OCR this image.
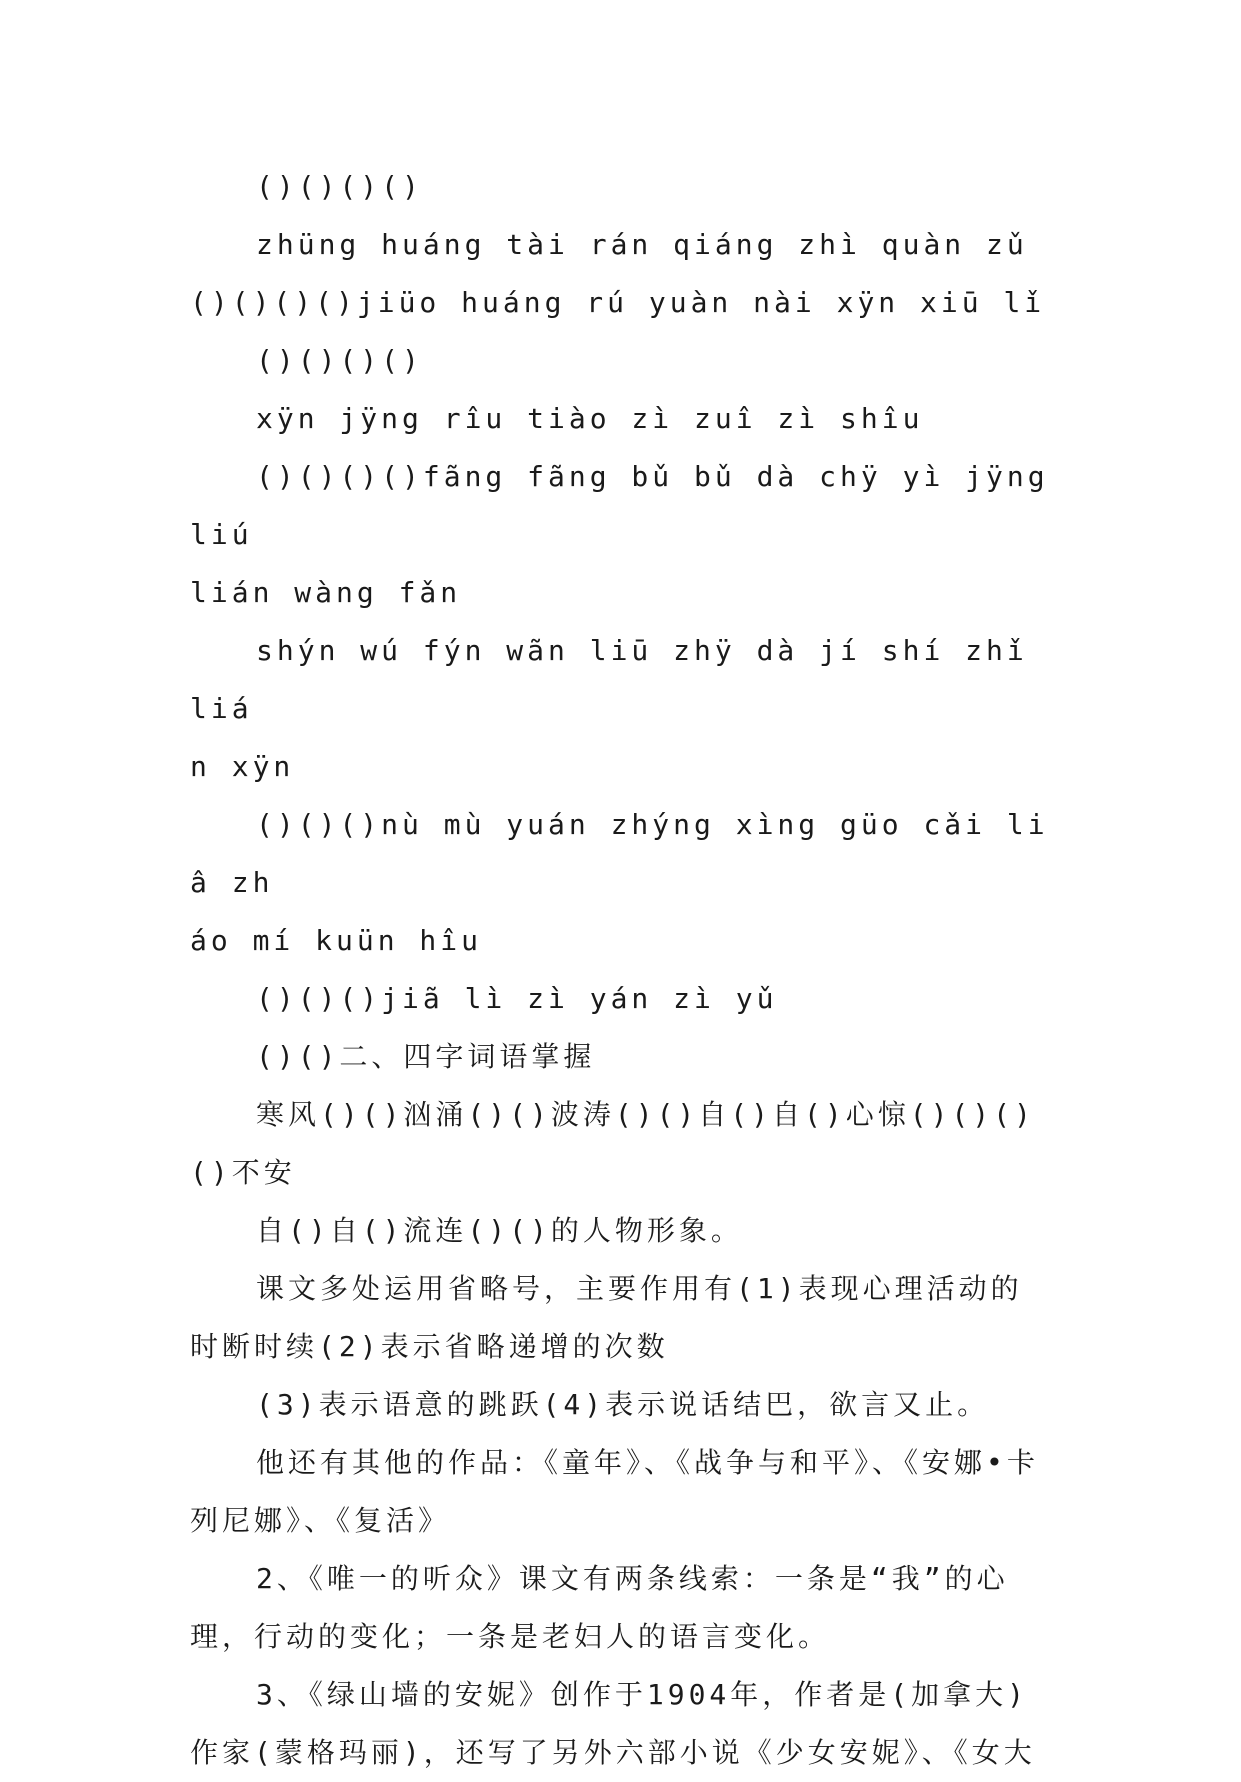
()()()()

zhüng huáng tài rán qiáng zhì quàn zǔ

()()()()jiüo huáng rú yuàn nài xÿn xiū lǐ

()()()()

xÿn jÿng rîu tiào zì zuî zì shîu

()()()()fãng fãng bǔ bǔ dà chÿ yì jÿng liú

lián wàng fǎn

shýn wú fýn wãn liū zhÿ dà jí shí zhǐ liá

n xÿn

()()()nù mù yuán zhýng xìng güo cǎi liâ zh

áo mí kuün hîu

()()()jiã lì zì yán zì yǔ

()()二、四字词语掌握

寒风()()汹涌()()波涛()()自()自()心惊()()()()不安

自()自()流连()()的人物形象。

课文多处运用省略号，主要作用有(1)表现心理活动的

时断时续(2)表示省略递增的次数

(3)表示语意的跳跃(4)表示说话结巴，欲言又止。

他还有其他的作品：《童年》、《战争与和平》、《安娜•卡

列尼娜》、《复活》

2、《唯一的听众》课文有两条线索：一条是“我”的心

理，行动的变化；一条是老妇人的语言变化。

3、《绿山墙的安妮》创作于1904年，作者是(加拿大)

作家(蒙格玛丽)，还写了另外六部小说《少女安妮》、《女大
